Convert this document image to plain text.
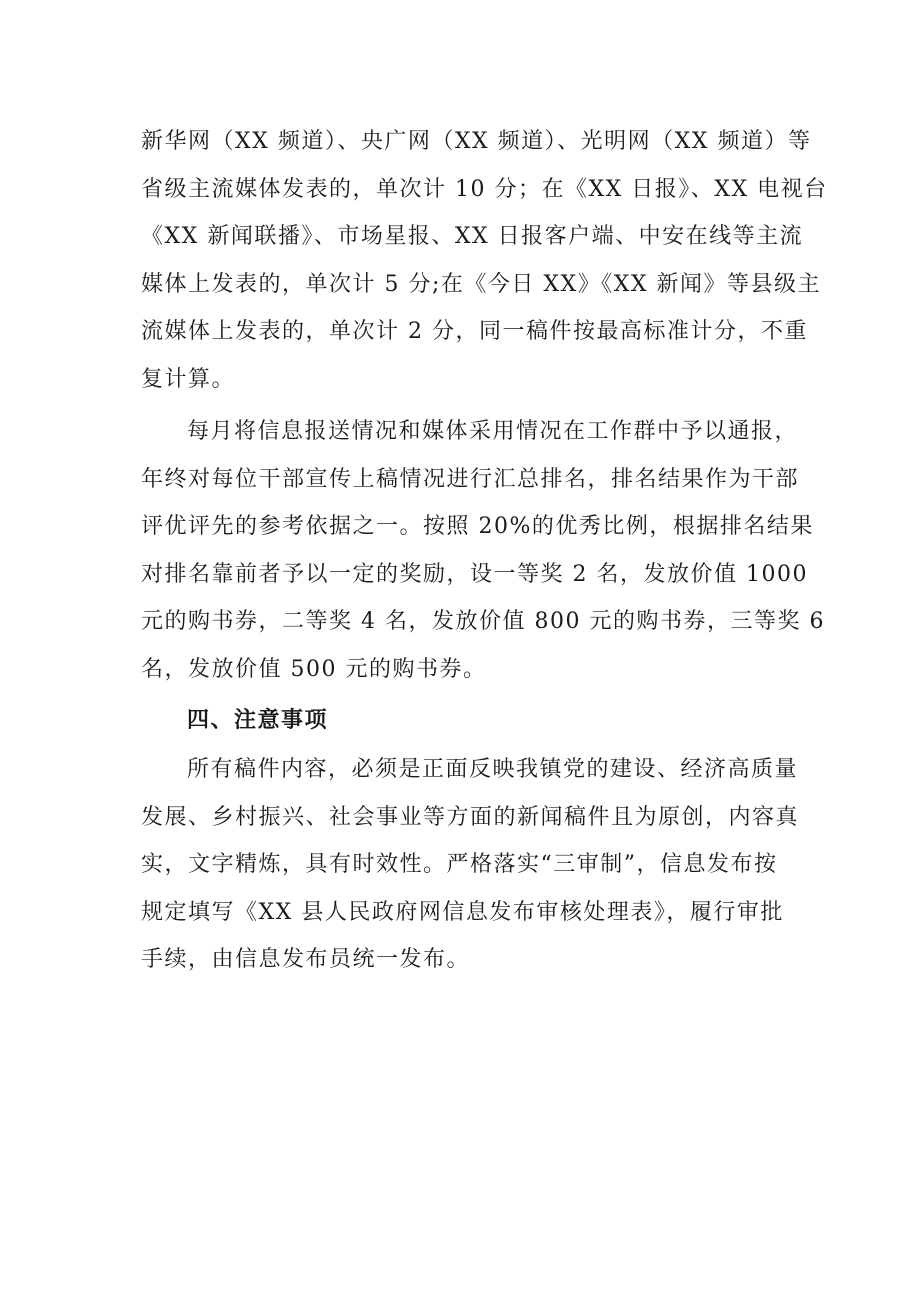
新华网（XX 频道）、央广网（XX 频道）、光明网（XX 频道）等
省级主流媒体发表的，单次计 10 分；在《XX 日报》、XX 电视台
《XX 新闻联播》、市场星报、XX 日报客户端、中安在线等主流
媒体上发表的，单次计 5 分;在《今日 XX》《XX 新闻》等县级主
流媒体上发表的，单次计 2 分，同一稿件按最高标准计分，不重
复计算。
每月将信息报送情况和媒体采用情况在工作群中予以通报，
年终对每位干部宣传上稿情况进行汇总排名，排名结果作为干部
评优评先的参考依据之一。按照 20%的优秀比例，根据排名结果
对排名靠前者予以一定的奖励，设一等奖 2 名，发放价值 1000
元的购书券，二等奖 4 名，发放价值 800 元的购书券，三等奖 6
名，发放价值 500 元的购书券。
四、注意事项
所有稿件内容，必须是正面反映我镇党的建设、经济高质量
发展、乡村振兴、社会事业等方面的新闻稿件且为原创，内容真
实，文字精炼，具有时效性。严格落实“三审制”，信息发布按
规定填写《XX 县人民政府网信息发布审核处理表》，履行审批
手续，由信息发布员统一发布。
